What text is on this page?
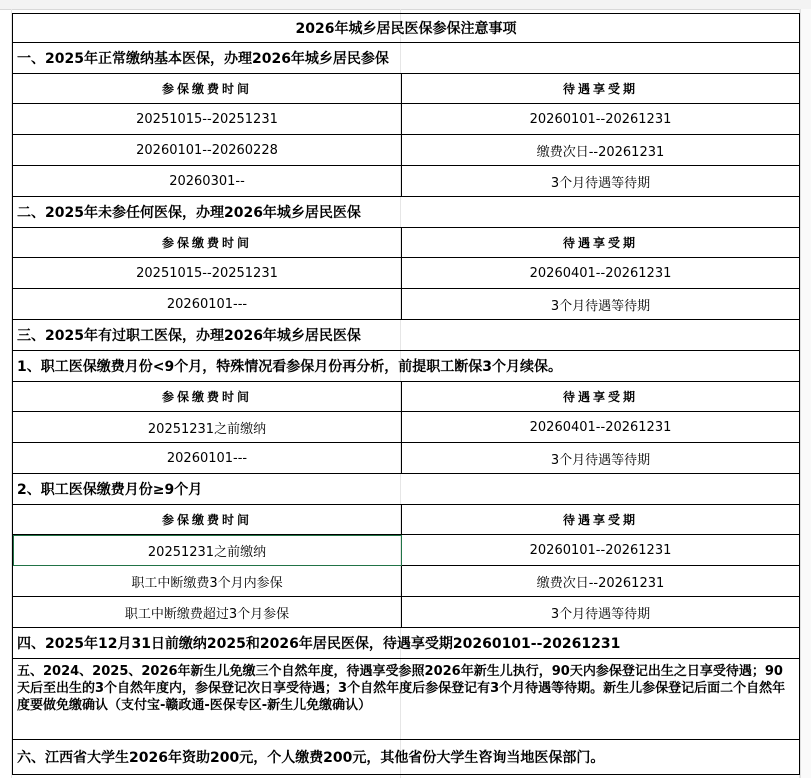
2026年城乡居民医保参保注意事项	
一、2025年正常缴纳基本医保，办理2026年城乡居民参保	
参保缴费时间	待遇享受期
20251015--20251231	20260101--20261231
20260101--20260228	缴费次日--20261231
20260301--	3个月待遇等待期
二、2025年未参任何医保，办理2026年城乡居民医保	
参保缴费时间	待遇享受期
20251015--20251231	20260401--20261231
20260101---	3个月待遇等待期
三、2025年有过职工医保，办理2026年城乡居民医保	
1、职工医保缴费月份<9个月，特殊情况看参保月份再分析，前提职工断保3个月续保。	
参保缴费时间	待遇享受期
20251231之前缴纳	20260401--20261231
20260101---	3个月待遇等待期
2、职工医保缴费月份≥9个月	
参保缴费时间	待遇享受期
20251231之前缴纳	20260101--20261231
职工中断缴费3个月内参保	缴费次日--20261231
职工中断缴费超过3个月参保	3个月待遇等待期
四、2025年12月31日前缴纳2025和2026年居民医保，待遇享受期20260101--20261231	
五、2024、2025、2026年新生儿免缴三个自然年度，待遇享受参照2026年新生儿执行，90天内参保登记出生之日享受待遇；90天后至出生的3个自然年度内，参保登记次日享受待遇；3个自然年度后参保登记有3个月待遇等待期。新生儿参保登记后面二个自然年度要做免缴确认（支付宝-赣政通-医保专区-新生儿免缴确认）	
六、江西省大学生2026年资助200元，个人缴费200元，其他省份大学生咨询当地医保部门。	
